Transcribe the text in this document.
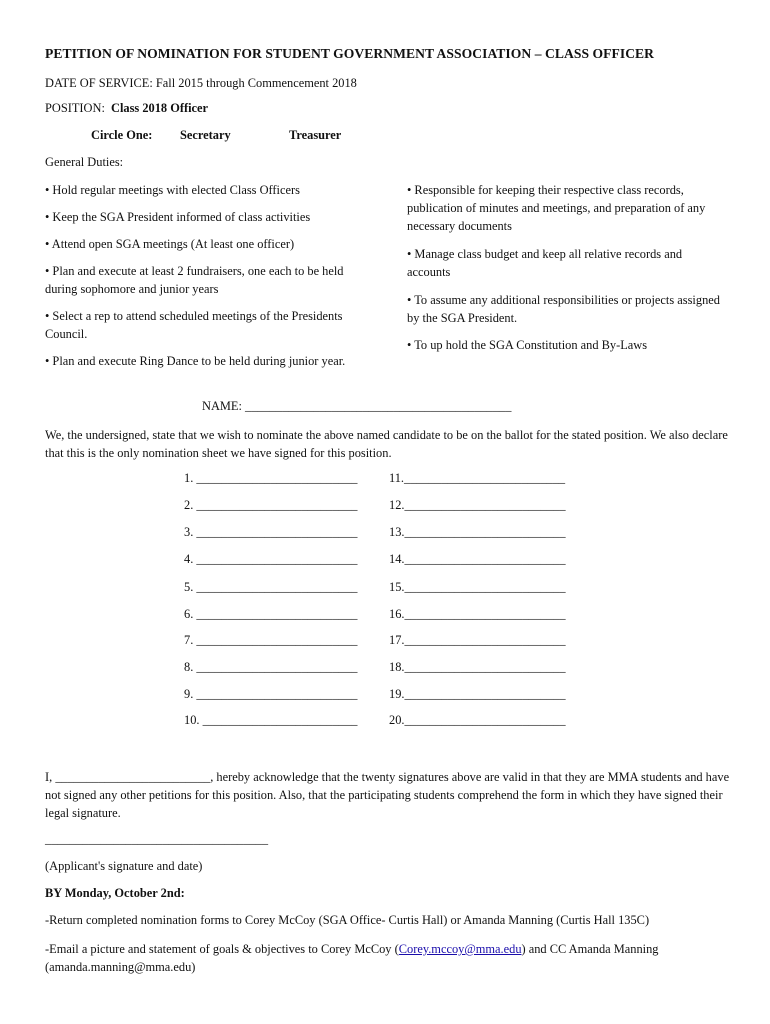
PETITION OF NOMINATION FOR STUDENT GOVERNMENT ASSOCIATION – CLASS OFFICER
DATE OF SERVICE: Fall 2015 through Commencement 2018
POSITION: Class 2018 Officer
Circle One: Secretary	Treasurer
General Duties:

• Hold regular meetings with elected Class Officers

• Keep the SGA President informed of class activities

• Attend open SGA meetings (At least one officer)

• Plan and execute at least 2 fundraisers, one each to be held during sophomore and junior years

• Select a rep to attend scheduled meetings of the Presidents Council.

• Plan and execute Ring Dance to be held during junior year.

• Responsible for keeping their respective class records, publication of minutes and meetings, and preparation of any necessary documents

• Manage class budget and keep all relative records and accounts

• To assume any additional responsibilities or projects assigned by the SGA President.

• To up hold the SGA Constitution and By-Laws

NAME: ___________________________________________
We, the undersigned, state that we wish to nominate the above named candidate to be on the ballot for the stated position. We also declare that this is the only nomination sheet we have signed for this position.
1. __________________________	11.__________________________
2. __________________________	12.__________________________
3. __________________________	13.__________________________
4. __________________________	14.__________________________
5. __________________________	15.__________________________
6. __________________________	16.__________________________
7. __________________________	17.__________________________
8. __________________________	18.__________________________
9. __________________________	19.__________________________
10. _________________________	20.__________________________
I, _________________________, hereby acknowledge that the twenty signatures above are valid in that they are MMA students and have not signed any other petitions for this position. Also, that the participating students comprehend the form in which they have signed their legal signature.
____________________________________
(Applicant's signature and date)
BY Monday, October 2nd:
-Return completed nomination forms to Corey McCoy (SGA Office- Curtis Hall) or Amanda Manning (Curtis Hall 135C)
-Email a picture and statement of goals & objectives to Corey McCoy (Corey.mccoy@mma.edu) and CC Amanda Manning (amanda.manning@mma.edu)
